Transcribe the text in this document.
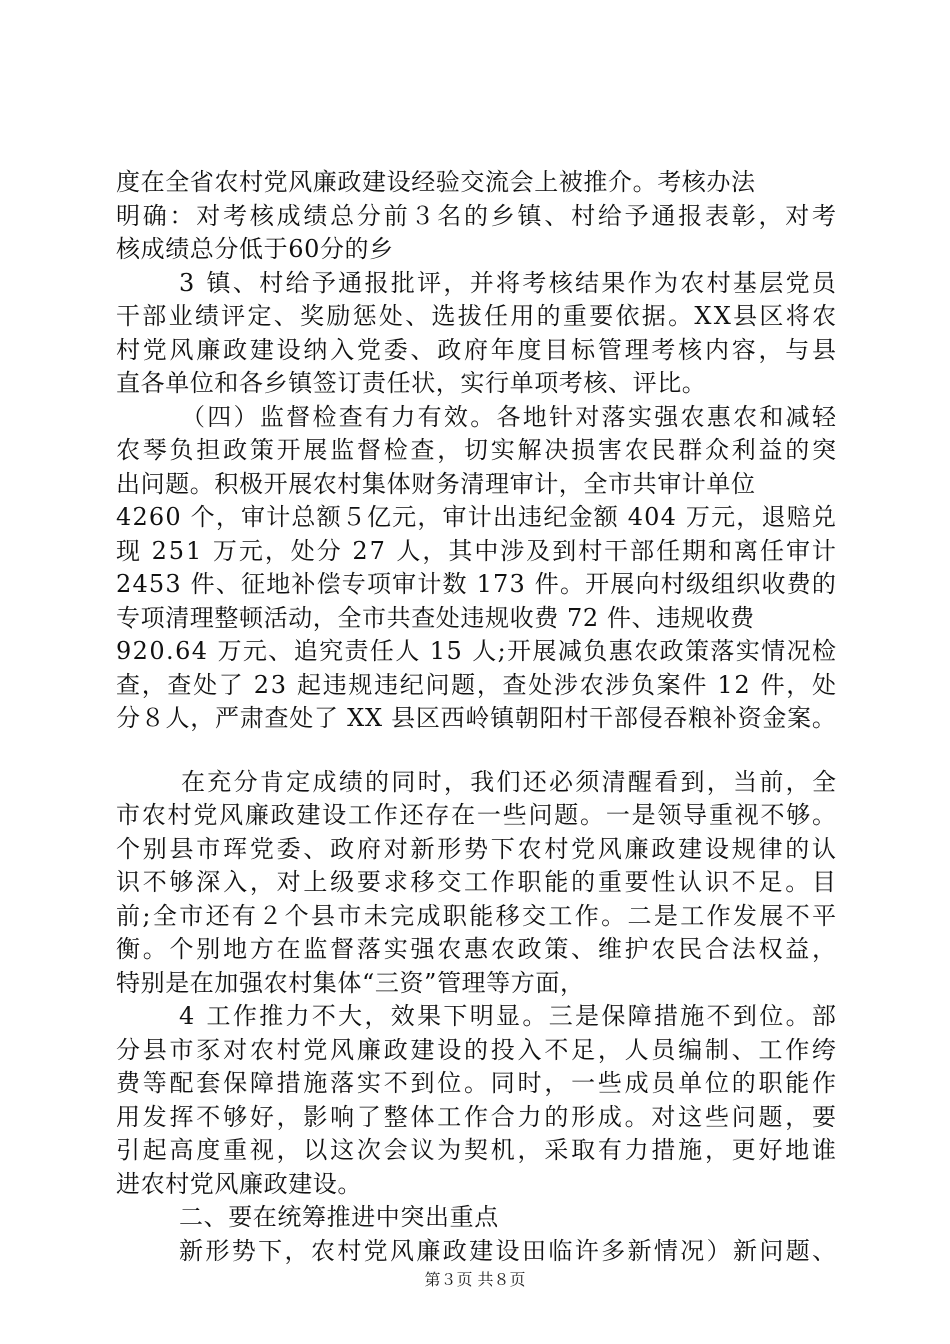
度在全省农村党风廉政建设经验交流会上被推介。考核办法
明确：对考核成绩总分前３名的乡镇、村给予通报表彰，对考
核成绩总分低于60分的乡
3 镇、村给予通报批评，并将考核结果作为农村基层党员
干部业绩评定、奖励惩处、选拔任用的重要依据。XX县区将农
村党风廉政建设纳入党委、政府年度目标管理考核内容，与县
直各单位和各乡镇签订责任状，实行单项考核、评比。
（四）监督检查有力有效。各地针对落实强农惠农和减轻
农琴负担政策开展监督检查，切实解决损害农民群众利益的突
出问题。积极开展农村集体财务清理审计，全市共审计单位
4260 个，审计总额５亿元，审计出违纪金额 404 万元，退赔兑
现 251 万元，处分 27 人，其中涉及到村干部任期和离任审计
2453 件、征地补偿专项审计数 173 件。开展向村级组织收费的
专项清理整顿活动，全市共查处违规收费 72 件、违规收费
920.64 万元、追究责任人 15 人;开展减负惠农政策落实情况检
查，查处了 23 起违规违纪问题，查处涉农涉负案件 12 件，处
分８人，严肃查处了 XX 县区西岭镇朝阳村干部侵吞粮补资金案。
在充分肯定成绩的同时，我们还必须清醒看到，当前，全
市农村党风廉政建设工作还存在一些问题。一是领导重视不够。
个别县市珲党委、政府对新形势下农村党风廉政建设规律的认
识不够深入，对上级要求移交工作职能的重要性认识不足。目
前;全市还有２个县市未完成职能移交工作。二是工作发展不平
衡。个别地方在监督落实强农惠农政策、维护农民合法权益，
特别是在加强农村集体“三资”管理等方面，
4 工作推力不大，效果下明显。三是保障措施不到位。部
分县市豕对农村党风廉政建设的投入不足，人员编制、工作绔
费等配套保障措施落实不到位。同时，一些成员单位的职能作
用发挥不够好，影响了整体工作合力的形成。对这些问题，要
引起高度重视，以这次会议为契机，采取有力措施，更好地谁
进农村党风廉政建设。
二、要在统筹推进中突出重点
新形势下，农村党风廉政建设田临许多新情况）新问题、
第３页 共８页
